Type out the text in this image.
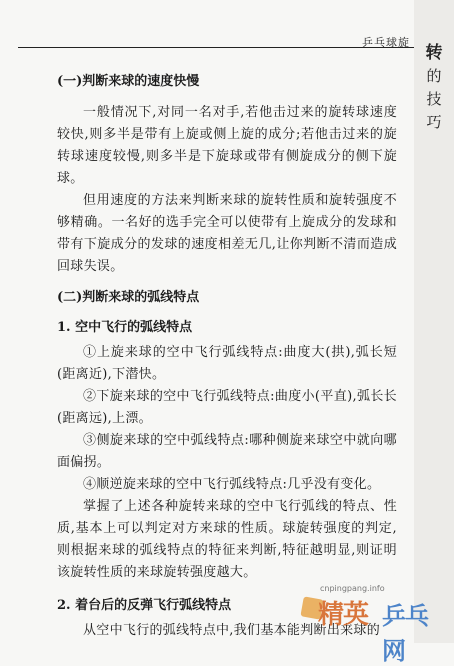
乒乓球旋
转
的
技
巧
(一)判断来球的速度快慢

一般情况下,对同一名对手,若他击过来的旋转球速度较快,则多半是带有上旋或侧上旋的成分;若他击过来的旋转球速度较慢,则多半是下旋球或带有侧旋成分的侧下旋球。

但用速度的方法来判断来球的旋转性质和旋转强度不够精确。一名好的选手完全可以使带有上旋成分的发球和带有下旋成分的发球的速度相差无几,让你判断不清而造成回球失误。

(二)判断来球的弧线特点
1. 空中飞行的弧线特点

①上旋来球的空中飞行弧线特点:曲度大(拱),弧长短(距离近),下潜快。

②下旋来球的空中飞行弧线特点:曲度小(平直),弧长长(距离远),上漂。

③侧旋来球的空中弧线特点:哪种侧旋来球空中就向哪面偏拐。

④顺逆旋来球的空中飞行弧线特点:几乎没有变化。

掌握了上述各种旋转来球的空中飞行弧线的特点、性质,基本上可以判定对方来球的性质。球旋转强度的判定,则根据来球的弧线特点的特征来判断,特征越明显,则证明该旋转性质的来球旋转强度越大。

2. 着台后的反弹飞行弧线特点

从空中飞行的弧线特点中,我们基本能判断出来球的

cnpingpang.info
精英 乒乓网
